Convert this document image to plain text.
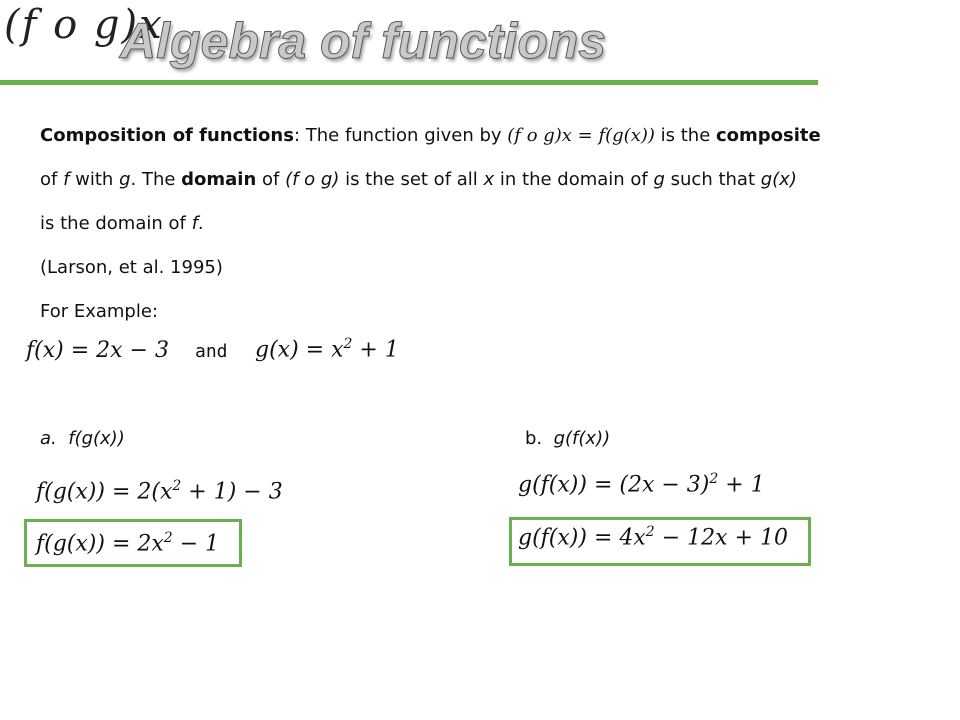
(f o g)x
Algebra of functions

Composition of functions: The function given by (f o g)x = f(g(x)) is the composite

of f with g. The domain of (f o g) is the set of all x in the domain of g such that g(x)

is the domain of f.

(Larson, et al. 1995)

For Example:

f(x) = 2x − 3 and $g(x) = x^2 + 1$
a. f(g(x))	b. g(f(x))
$f(g(x)) = 2(x^2 + 1) - 3$
$f(g(x)) = 2x^2 - 1$
$g(f(x)) = (2x - 3)^2 + 1$
$g(f(x)) = 4x^2 - 12x + 10$
